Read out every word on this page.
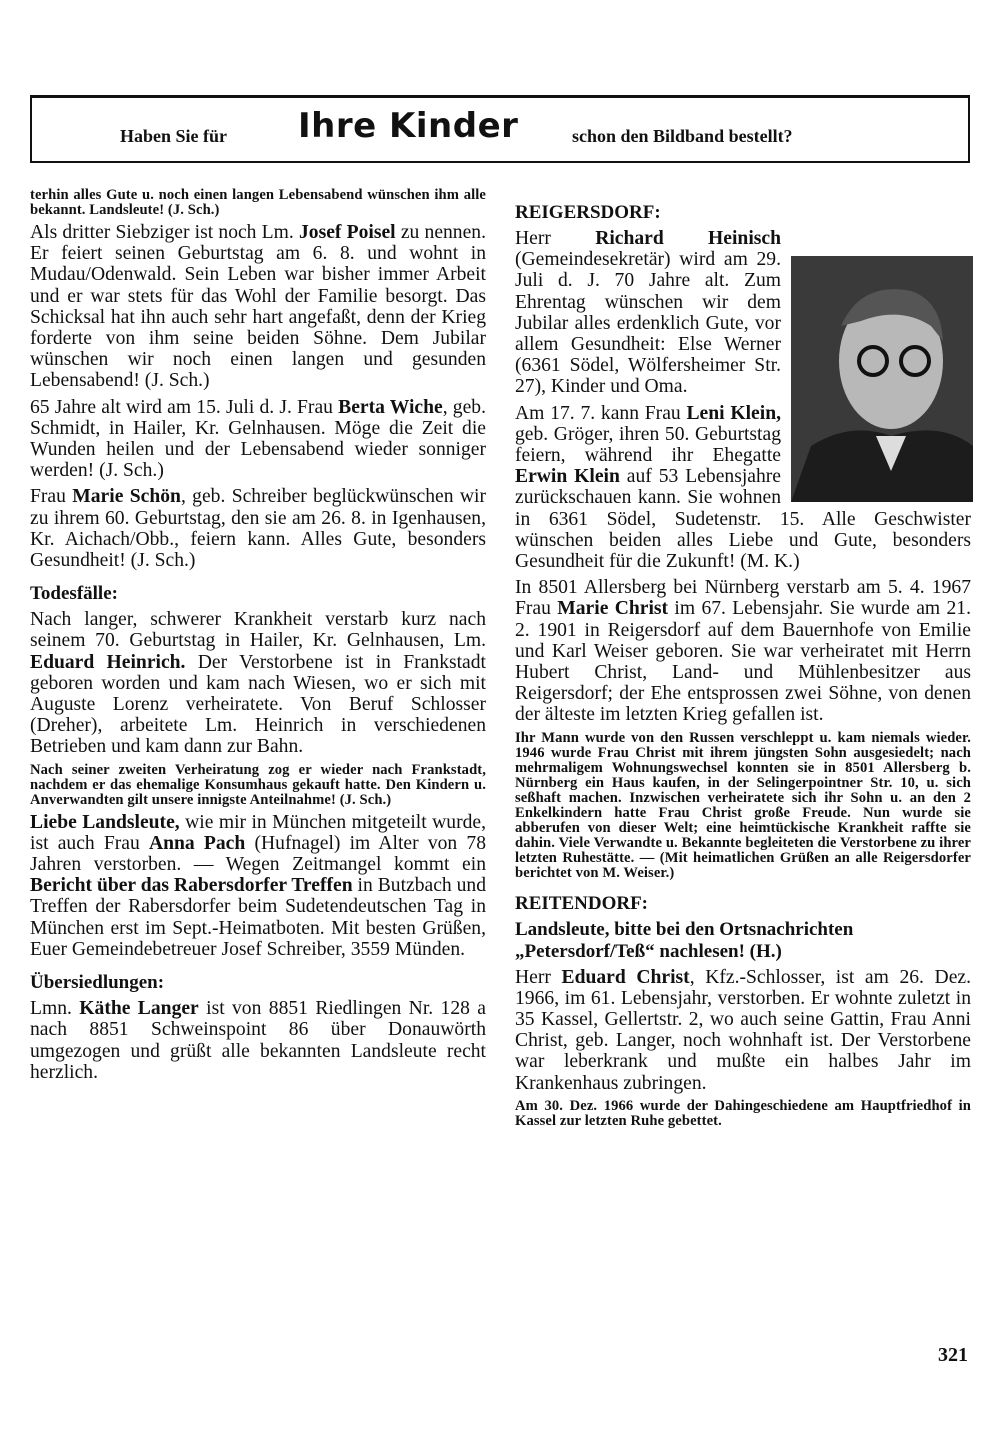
Haben Sie für Ihre Kinder	schon den Bildband bestellt?

terhin alles Gute u. noch einen langen Lebensabend wünschen ihm alle bekannt. Landsleute! (J. Sch.)

Als dritter Siebziger ist noch Lm. Josef Poisel zu nennen. Er feiert seinen Geburtstag am 6. 8. und wohnt in Mudau/Odenwald. Sein Leben war bisher immer Arbeit und er war stets für das Wohl der Familie besorgt. Das Schicksal hat ihn auch sehr hart angefaßt, denn der Krieg forderte von ihm seine beiden Söhne. Dem Jubilar wünschen wir noch einen langen und gesunden Lebensabend! (J. Sch.)

65 Jahre alt wird am 15. Juli d. J. Frau Berta Wiche, geb. Schmidt, in Hailer, Kr. Gelnhausen. Möge die Zeit die Wunden heilen und der Lebensabend wieder sonniger werden! (J. Sch.)

Frau Marie Schön, geb. Schreiber beglückwünschen wir zu ihrem 60. Geburtstag, den sie am 26. 8. in Igenhausen, Kr. Aichach/Obb., feiern kann. Alles Gute, besonders Gesundheit! (J. Sch.)

Todesfälle:

Nach langer, schwerer Krankheit verstarb kurz nach seinem 70. Geburtstag in Hailer, Kr. Gelnhausen, Lm. Eduard Heinrich. Der Verstorbene ist in Frankstadt geboren worden und kam nach Wiesen, wo er sich mit Auguste Lorenz verheiratete. Von Beruf Schlosser (Dreher), arbeitete Lm. Heinrich in verschiedenen Betrieben und kam dann zur Bahn.

Nach seiner zweiten Verheiratung zog er wieder nach Frankstadt, nachdem er das ehemalige Konsumhaus gekauft hatte. Den Kindern u. Anverwandten gilt unsere innigste Anteilnahme! (J. Sch.)

Liebe Landsleute, wie mir in München mitgeteilt wurde, ist auch Frau Anna Pach (Hufnagel) im Alter von 78 Jahren verstorben. — Wegen Zeitmangel kommt ein Bericht über das Rabersdorfer Treffen in Butzbach und Treffen der Rabersdorfer beim Sudetendeutschen Tag in München erst im Sept.-Heimatboten. Mit besten Grüßen, Euer Gemeindebetreuer Josef Schreiber, 3559 Münden.

Übersiedlungen:

Lmn. Käthe Langer ist von 8851 Riedlingen Nr. 128 a nach 8851 Schweinspoint 86 über Donauwörth umgezogen und grüßt alle bekannten Landsleute recht herzlich.

REIGERSDORF:

Herr Richard Heinisch (Gemeindesekretär) wird am 29. Juli d. J. 70 Jahre alt. Zum Ehrentag wünschen wir dem Jubilar alles erdenklich Gute, vor allem Gesundheit: Else Werner (6361 Södel, Wölfersheimer Str. 27), Kinder und Oma.

Am 17. 7. kann Frau Leni Klein, geb. Gröger, ihren 50. Geburtstag feiern, während ihr Ehegatte Erwin Klein auf 53 Lebensjahre zurückschauen kann. Sie wohnen in 6361 Södel, Sudetenstr. 15. Alle Geschwister wünschen beiden alles Liebe und Gute, besonders Gesundheit für die Zukunft! (M. K.)

In 8501 Allersberg bei Nürnberg verstarb am 5. 4. 1967 Frau Marie Christ im 67. Lebensjahr. Sie wurde am 21. 2. 1901 in Reigersdorf auf dem Bauernhofe von Emilie und Karl Weiser geboren. Sie war verheiratet mit Herrn Hubert Christ, Land- und Mühlenbesitzer aus Reigersdorf; der Ehe entsprossen zwei Söhne, von denen der älteste im letzten Krieg gefallen ist.

Ihr Mann wurde von den Russen verschleppt u. kam niemals wieder. 1946 wurde Frau Christ mit ihrem jüngsten Sohn ausgesiedelt; nach mehrmaligem Wohnungswechsel konnten sie in 8501 Allersberg b. Nürnberg ein Haus kaufen, in der Selingerpointner Str. 10, u. sich seßhaft machen. Inzwischen verheiratete sich ihr Sohn u. an den 2 Enkelkindern hatte Frau Christ große Freude. Nun wurde sie abberufen von dieser Welt; eine heimtückische Krankheit raffte sie dahin. Viele Verwandte u. Bekannte begleiteten die Verstorbene zu ihrer letzten Ruhestätte. — (Mit heimatlichen Grüßen an alle Reigersdorfer berichtet von M. Weiser.)

REITENDORF:
Landsleute, bitte bei den Ortsnachrichten „Petersdorf/Teß“ nachlesen! (H.)

Herr Eduard Christ, Kfz.-Schlosser, ist am 26. Dez. 1966, im 61. Lebensjahr, verstorben. Er wohnte zuletzt in 35 Kassel, Gellertstr. 2, wo auch seine Gattin, Frau Anni Christ, geb. Langer, noch wohnhaft ist. Der Verstorbene war leberkrank und mußte ein halbes Jahr im Krankenhaus zubringen.

Am 30. Dez. 1966 wurde der Dahingeschiedene am Hauptfriedhof in Kassel zur letzten Ruhe gebettet.

321
